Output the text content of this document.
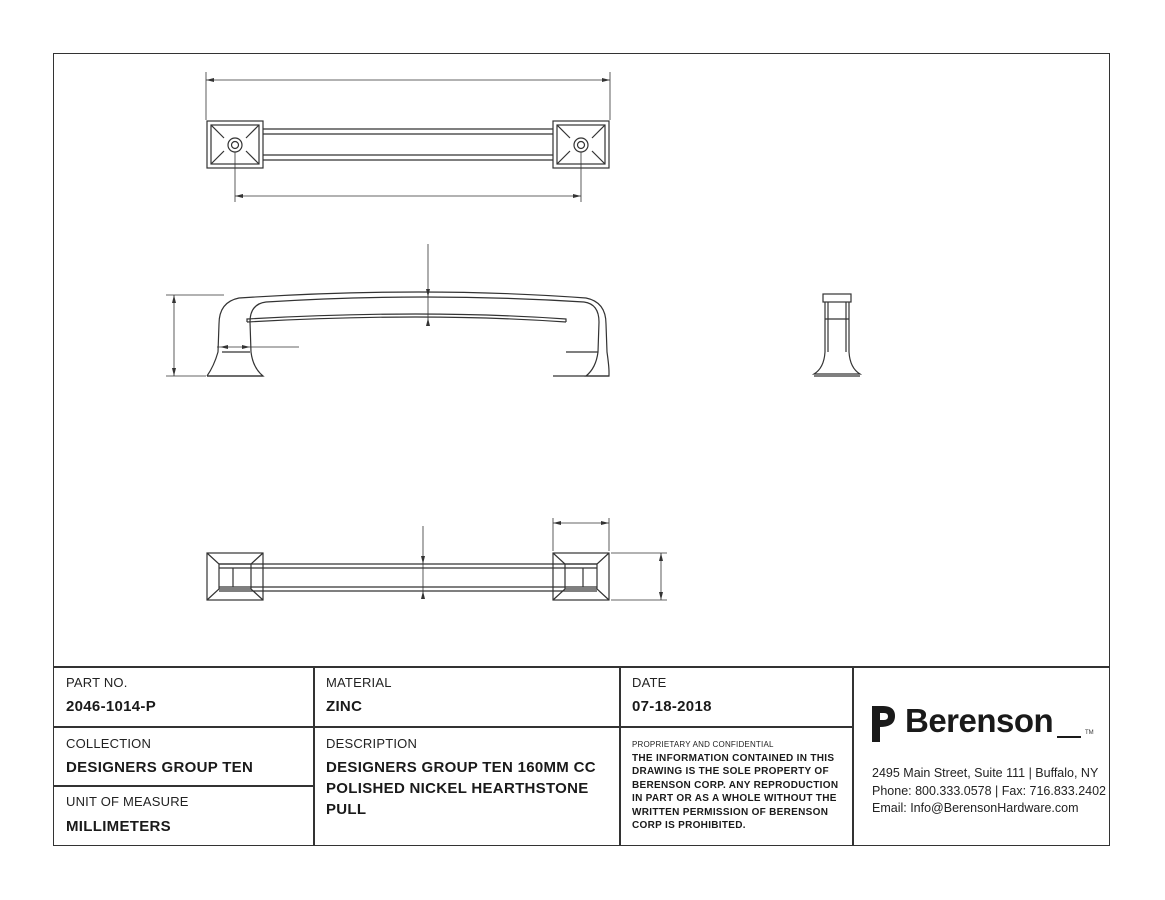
PART NO.
2046-1014-P
MATERIAL
ZINC
DATE
07-18-2018
COLLECTION
DESIGNERS GROUP TEN
UNIT OF MEASURE
MILLIMETERS
DESCRIPTION
DESIGNERS GROUP TEN 160MM CC
POLISHED NICKEL HEARTHSTONE
PULL
PROPRIETARY AND CONFIDENTIAL
THE INFORMATION CONTAINED IN THIS
DRAWING IS THE SOLE PROPERTY OF
BERENSON CORP. ANY REPRODUCTION
IN PART OR AS A WHOLE WITHOUT THE
WRITTEN PERMISSION OF BERENSON
CORP IS PROHIBITED.
Berenson	TM
2495 Main Street, Suite 111 | Buffalo, NY
Phone: 800.333.0578 | Fax: 716.833.2402
Email: Info@BerensonHardware.com
